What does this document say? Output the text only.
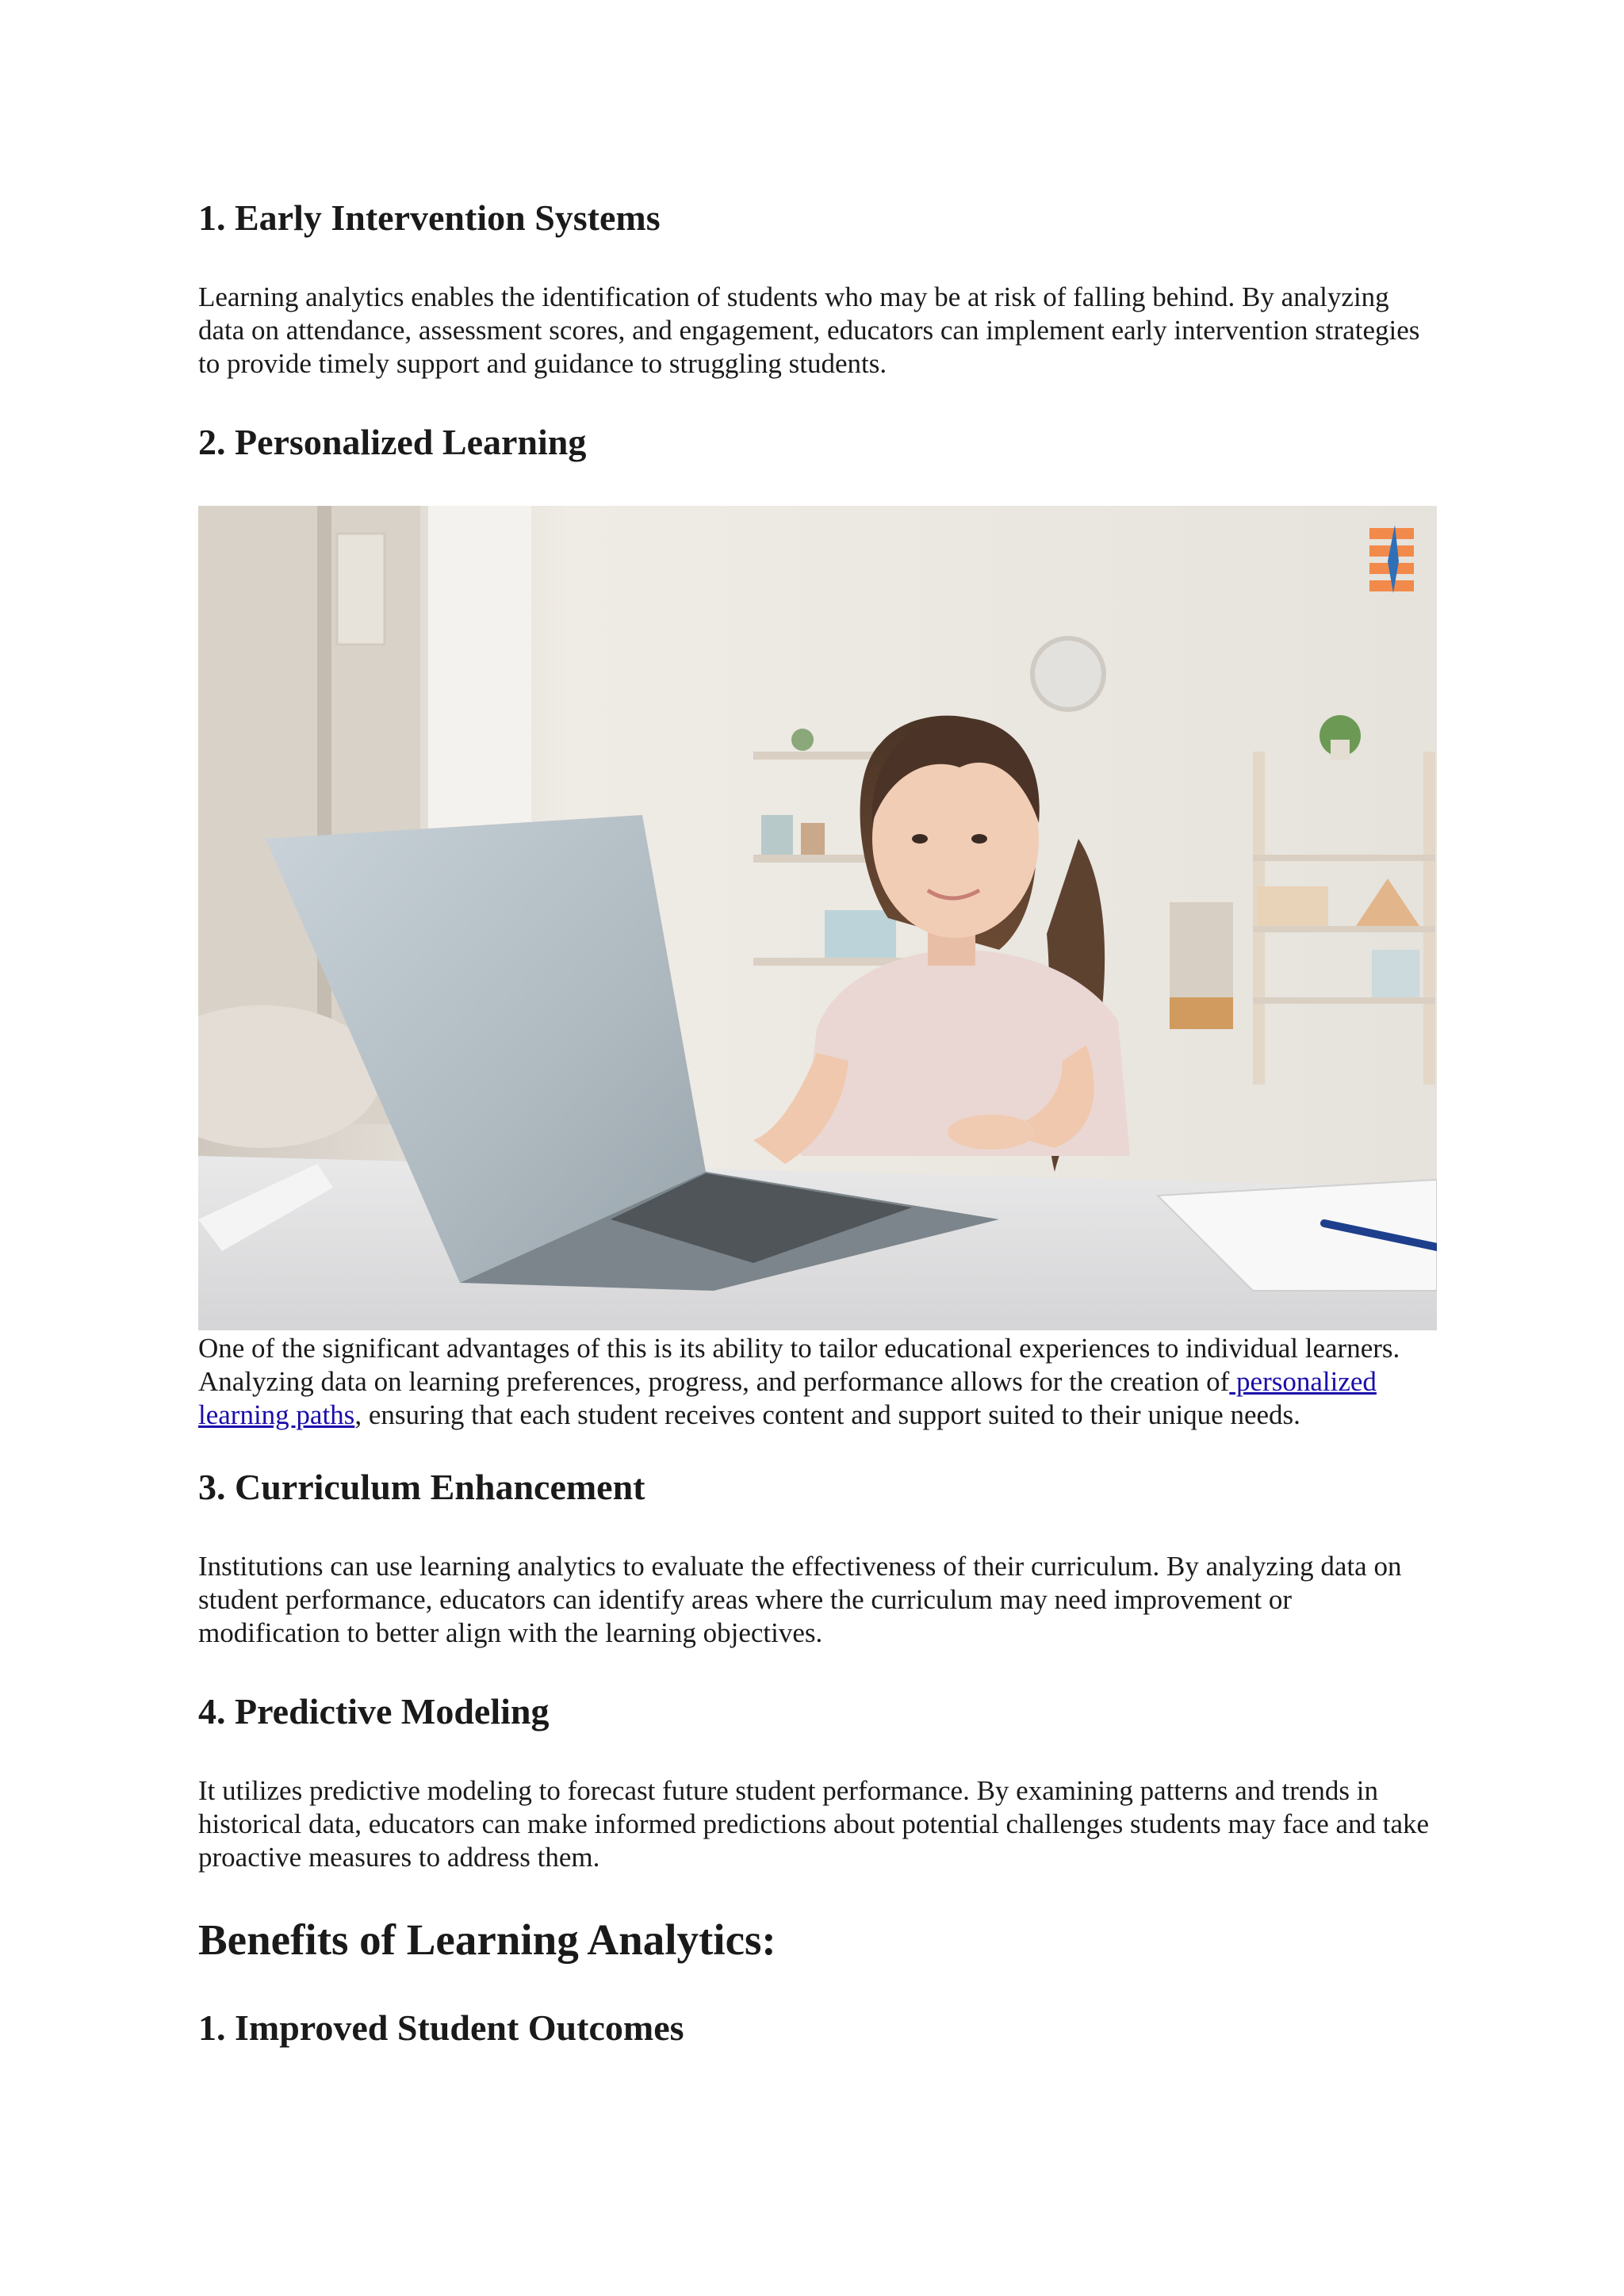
1. Early Intervention Systems

Learning analytics enables the identification of students who may be at risk of falling behind. By analyzing data on attendance, assessment scores, and engagement, educators can implement early intervention strategies to provide timely support and guidance to struggling students.

2. Personalized Learning

One of the significant advantages of this is its ability to tailor educational experiences to individual learners. Analyzing data on learning preferences, progress, and performance allows for the creation of personalized learning paths, ensuring that each student receives content and support suited to their unique needs.

3. Curriculum Enhancement

Institutions can use learning analytics to evaluate the effectiveness of their curriculum. By analyzing data on student performance, educators can identify areas where the curriculum may need improvement or modification to better align with the learning objectives.

4. Predictive Modeling

It utilizes predictive modeling to forecast future student performance. By examining patterns and trends in historical data, educators can make informed predictions about potential challenges students may face and take proactive measures to address them.

Benefits of Learning Analytics:
1. Improved Student Outcomes
